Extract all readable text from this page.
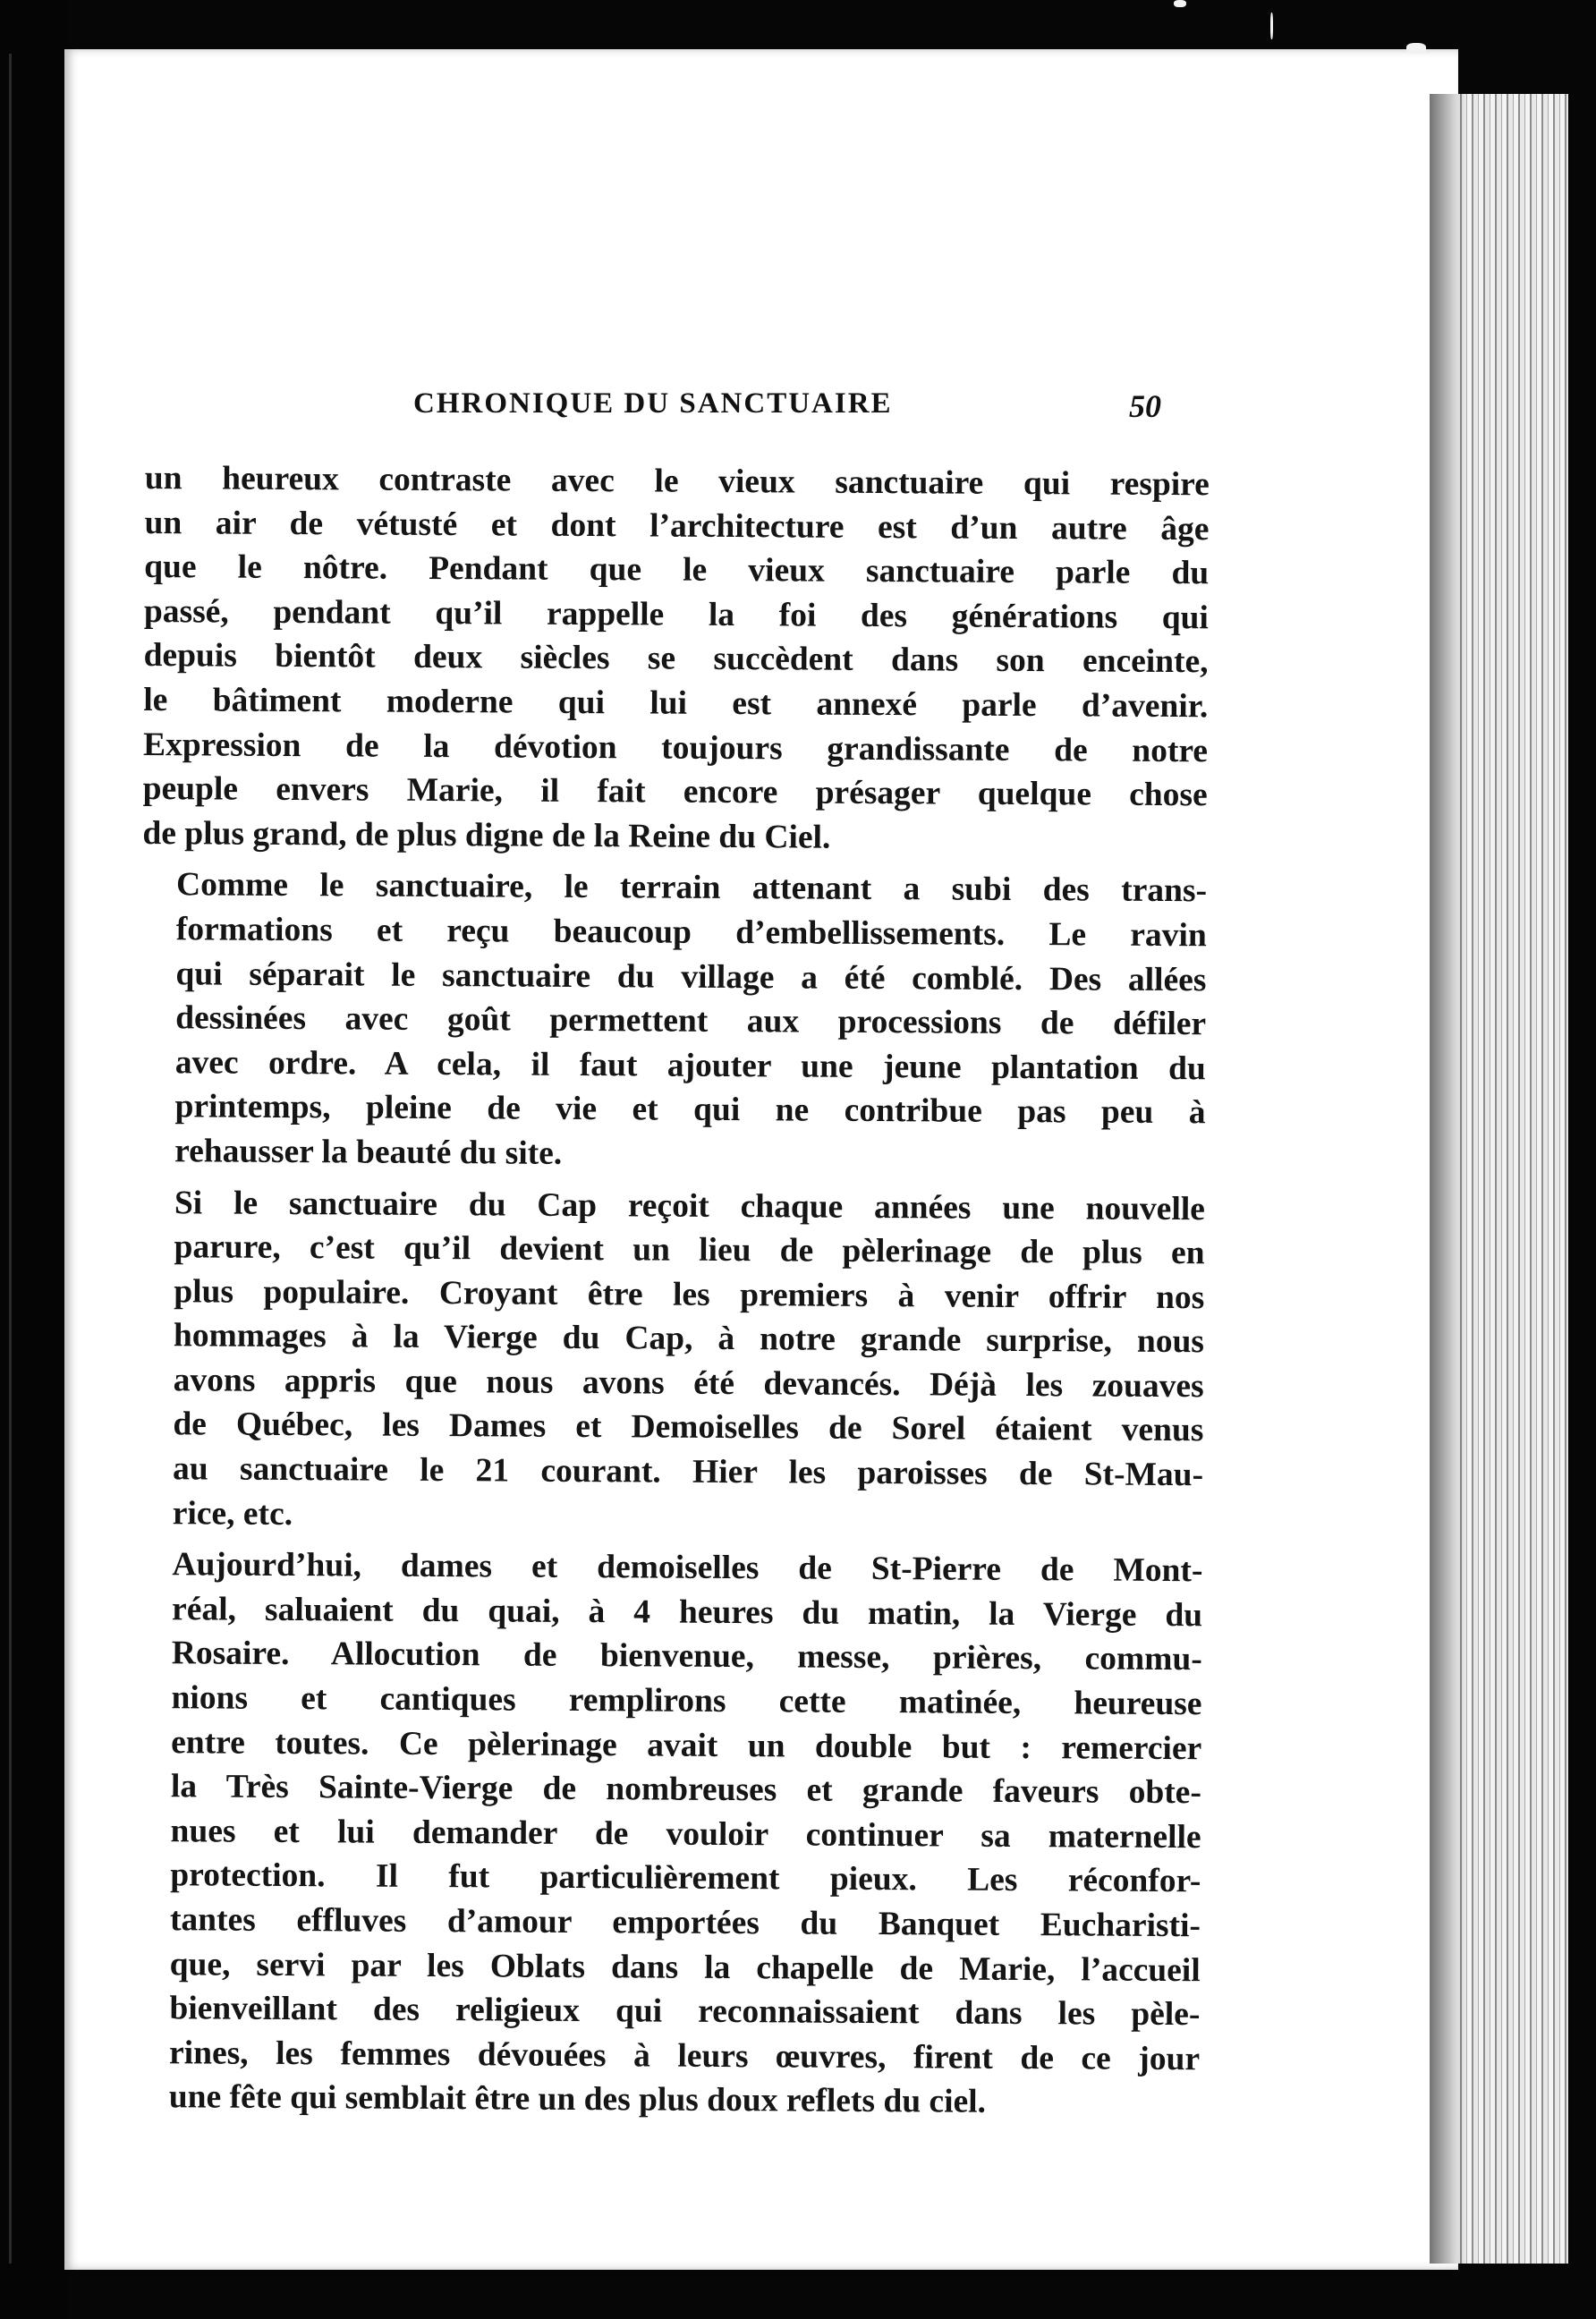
CHRONIQUE DU SANCTUAIRE	50
un heureux contraste avec le vieux sanctuaire qui respire
un air de vétusté et dont l’architecture est d’un autre âge
que le nôtre. Pendant que le vieux sanctuaire parle du
passé, pendant qu’il rappelle la foi des générations qui
depuis bientôt deux siècles se succèdent dans son enceinte,
le bâtiment moderne qui lui est annexé parle d’avenir.
Expression de la dévotion toujours grandissante de notre
peuple envers Marie, il fait encore présager quelque chose
de plus grand, de plus digne de la Reine du Ciel.
Comme le sanctuaire, le terrain attenant a subi des trans-
formations et reçu beaucoup d’embellissements. Le ravin
qui séparait le sanctuaire du village a été comblé. Des allées
dessinées avec goût permettent aux processions de défiler
avec ordre. A cela, il faut ajouter une jeune plantation du
printemps, pleine de vie et qui ne contribue pas peu à
rehausser la beauté du site.
Si le sanctuaire du Cap reçoit chaque années une nouvelle
parure, c’est qu’il devient un lieu de pèlerinage de plus en
plus populaire. Croyant être les premiers à venir offrir nos
hommages à la Vierge du Cap, à notre grande surprise, nous
avons appris que nous avons été devancés. Déjà les zouaves
de Québec, les Dames et Demoiselles de Sorel étaient venus
au sanctuaire le 21 courant. Hier les paroisses de St-Mau-
rice, etc.
Aujourd’hui, dames et demoiselles de St-Pierre de Mont-
réal, saluaient du quai, à 4 heures du matin, la Vierge du
Rosaire. Allocution de bienvenue, messe, prières, commu-
nions et cantiques remplirons cette matinée, heureuse
entre toutes. Ce pèlerinage avait un double but : remercier
la Très Sainte-Vierge de nombreuses et grande faveurs obte-
nues et lui demander de vouloir continuer sa maternelle
protection. Il fut particulièrement pieux. Les réconfor-
tantes effluves d’amour emportées du Banquet Eucharisti-
que, servi par les Oblats dans la chapelle de Marie, l’accueil
bienveillant des religieux qui reconnaissaient dans les pèle-
rines, les femmes dévouées à leurs œuvres, firent de ce jour
une fête qui semblait être un des plus doux reflets du ciel.
